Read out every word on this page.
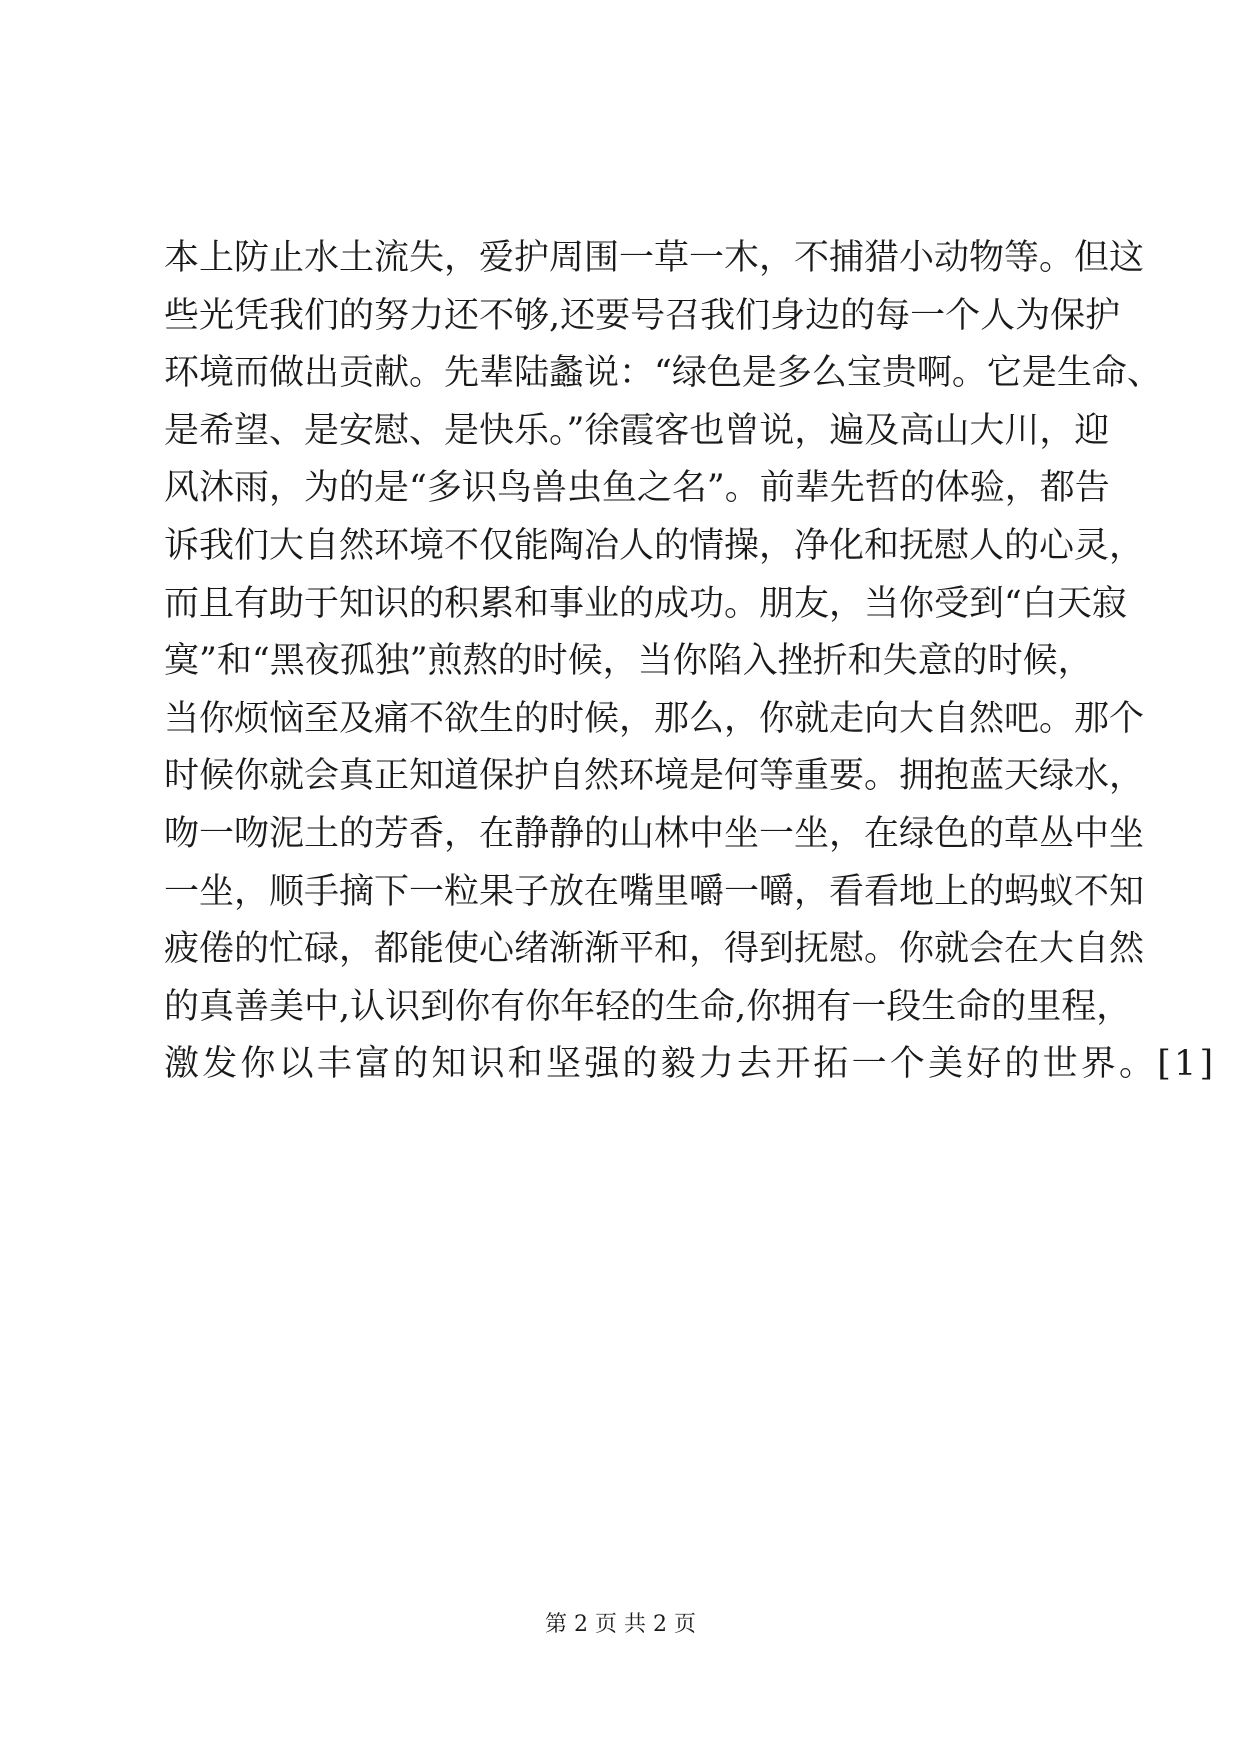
本上防止水土流失，爱护周围一草一木，不捕猎小动物等。但这
些光凭我们的努力还不够,还要号召我们身边的每一个人为保护
环境而做出贡献。先辈陆蠡说：“绿色是多么宝贵啊。它是生命、
是希望、是安慰、是快乐。”徐霞客也曾说，遍及高山大川，迎
风沐雨，为的是“多识鸟兽虫鱼之名”。前辈先哲的体验，都告
诉我们大自然环境不仅能陶冶人的情操，净化和抚慰人的心灵，
而且有助于知识的积累和事业的成功。朋友，当你受到“白天寂
寞”和“黑夜孤独”煎熬的时候，当你陷入挫折和失意的时候，
当你烦恼至及痛不欲生的时候，那么，你就走向大自然吧。那个
时候你就会真正知道保护自然环境是何等重要。拥抱蓝天绿水，
吻一吻泥土的芳香，在静静的山林中坐一坐，在绿色的草丛中坐
一坐，顺手摘下一粒果子放在嘴里嚼一嚼，看看地上的蚂蚁不知
疲倦的忙碌，都能使心绪渐渐平和，得到抚慰。你就会在大自然
的真善美中,认识到你有你年轻的生命,你拥有一段生命的里程，
激发你以丰富的知识和坚强的毅力去开拓一个美好的世界。[1]
第 2 页 共 2 页
